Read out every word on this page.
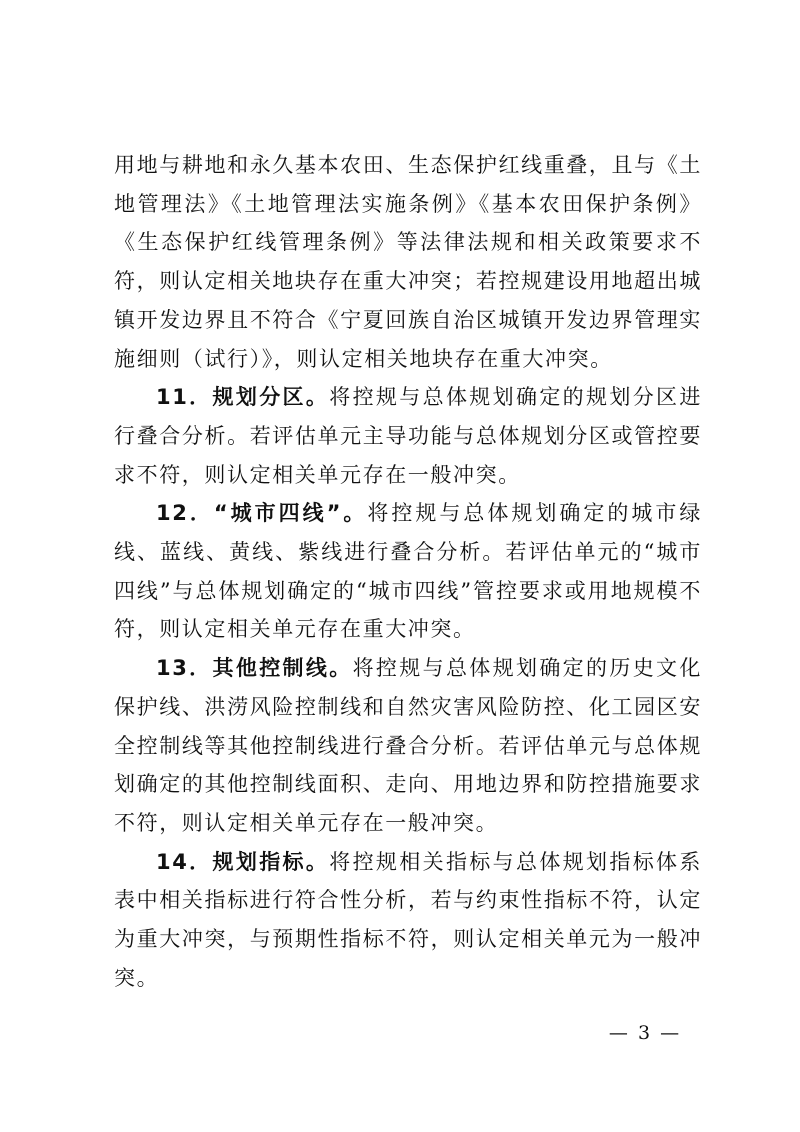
用地与耕地和永久基本农田、生态保护红线重叠，且与《土地管理法》《土地管理法实施条例》《基本农田保护条例》《生态保护红线管理条例》等法律法规和相关政策要求不符，则认定相关地块存在重大冲突；若控规建设用地超出城镇开发边界且不符合《宁夏回族自治区城镇开发边界管理实施细则（试行）》，则认定相关地块存在重大冲突。

11．规划分区。将控规与总体规划确定的规划分区进行叠合分析。若评估单元主导功能与总体规划分区或管控要求不符，则认定相关单元存在一般冲突。

12．“城市四线”。将控规与总体规划确定的城市绿线、蓝线、黄线、紫线进行叠合分析。若评估单元的“城市四线”与总体规划确定的“城市四线”管控要求或用地规模不符，则认定相关单元存在重大冲突。

13．其他控制线。将控规与总体规划确定的历史文化保护线、洪涝风险控制线和自然灾害风险防控、化工园区安全控制线等其他控制线进行叠合分析。若评估单元与总体规划确定的其他控制线面积、走向、用地边界和防控措施要求不符，则认定相关单元存在一般冲突。

14．规划指标。将控规相关指标与总体规划指标体系表中相关指标进行符合性分析，若与约束性指标不符，认定为重大冲突，与预期性指标不符，则认定相关单元为一般冲突。

— 3 —
